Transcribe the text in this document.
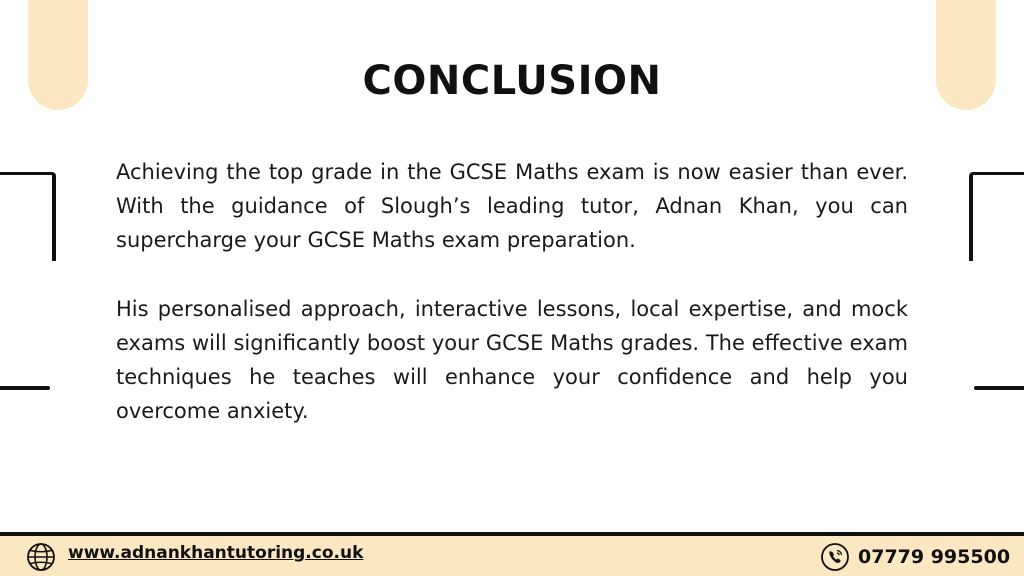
CONCLUSION

Achieving the top grade in the GCSE Maths exam is now easier than ever. With the guidance of Slough’s leading tutor, Adnan Khan, you can supercharge your GCSE Maths exam preparation.

His personalised approach, interactive lessons, local expertise, and mock exams will significantly boost your GCSE Maths grades. The effective exam techniques he teaches will enhance your confidence and help you overcome anxiety.

www.adnankhantutoring.co.uk	07779 995500
